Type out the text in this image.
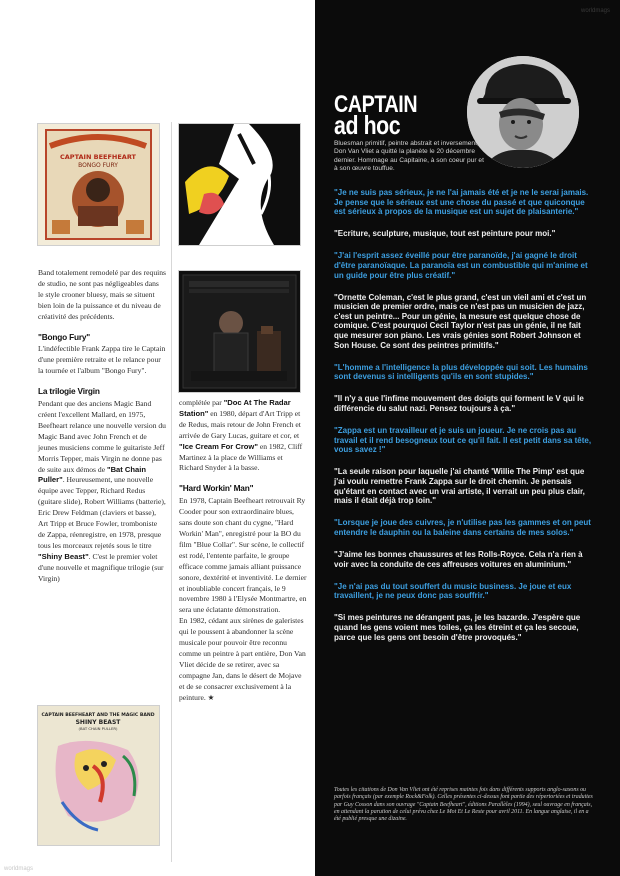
CAPTAIN BEEFHEART
BONGO FURY
CAPTAIN BEEFHEART AND THE MAGIC BAND
SHINY BEAST
(BAT CHAIN PULLER)

Band totalement remodelé par des requins de studio, ne sont pas négligeables dans le style crooner bluesy, mais se situent bien loin de la puissance et du niveau de créativité des précédents.

"Bongo Fury"

L'indéfectible Frank Zappa tire le Captain d'une première retraite et le relance pour la tournée et l'album "Bongo Fury".

La trilogie Virgin

Pendant que des anciens Magic Band créent l'excellent Mallard, en 1975, Beefheart relance une nouvelle version du Magic Band avec John French et de jeunes musiciens comme le guitariste Jeff Morris Tepper, mais Virgin ne donne pas de suite aux démos de "Bat Chain Puller". Heureusement, une nouvelle équipe avec Tepper, Richard Redus (guitare slide), Robert Williams (batterie), Eric Drew Feldman (claviers et basse), Art Tripp et Bruce Fowler, tromboniste de Zappa, réenregistre, en 1978, presque tous les morceaux rejetés sous le titre "Shiny Beast". C'est le premier volet d'une nouvelle et magnifique trilogie (sur Virgin)

complétée par "Doc At The Radar Station" en 1980, départ d'Art Tripp et de Redus, mais retour de John French et arrivée de Gary Lucas, guitare et cor, et "Ice Cream For Crow" en 1982, Cliff Martinez à la place de Williams et Richard Snyder à la basse.

"Hard Workin' Man"

En 1978, Captain Beefheart retrouvait Ry Cooder pour son extraordinaire blues, sans doute son chant du cygne, "Hard Workin' Man", enregistré pour la BO du film "Blue Collar". Sur scène, le collectif est rodé, l'entente parfaite, le groupe efficace comme jamais alliant puissance sonore, dextérité et inventivité. Le dernier et inoubliable concert français, le 9 novembre 1980 à l'Elysée Montmartre, en sera une éclatante démonstration.

En 1982, cédant aux sirènes de galeristes qui le poussent à abandonner la scène musicale pour pouvoir être reconnu comme un peintre à part entière, Don Van Vliet décide de se retirer, avec sa compagne Jan, dans le désert de Mojave et de se consacrer exclusivement à la peinture. ★

worldmags
worldmags
CAPTAIN
ad hoc
Bluesman primitif, peintre abstrait et inversement, Don Van Vliet a quitté la planète le 20 décembre dernier. Hommage au Capitaine, à son coeur pur et à son œuvre touffue.

"Je ne suis pas sérieux, je ne l'ai jamais été et je ne le serai jamais. Je pense que le sérieux est une chose du passé et que quiconque est sérieux à propos de la musique est un sujet de plaisanterie."

"Ecriture, sculpture, musique, tout est peinture pour moi."

"J'ai l'esprit assez éveillé pour être paranoïde, j'ai gagné le droit d'être paranoïaque. La paranoïa est un combustible qui m'anime et un guide pour être plus créatif."

"Ornette Coleman, c'est le plus grand, c'est un vieil ami et c'est un musicien de premier ordre, mais ce n'est pas un musicien de jazz, c'est un peintre... Pour un génie, la mesure est quelque chose de comique. C'est pourquoi Cecil Taylor n'est pas un génie, il ne fait que mesurer son piano. Les vrais génies sont Robert Johnson et Son House. Ce sont des peintres primitifs."

"L'homme a l'intelligence la plus développée qui soit. Les humains sont devenus si intelligents qu'ils en sont stupides."

"Il n'y a que l'infime mouvement des doigts qui forment le V qui le différencie du salut nazi. Pensez toujours à ça."

"Zappa est un travailleur et je suis un joueur. Je ne crois pas au travail et il rend besogneux tout ce qu'il fait. Il est petit dans sa tête, vous savez !"

"La seule raison pour laquelle j'ai chanté 'Willie The Pimp' est que j'ai voulu remettre Frank Zappa sur le droit chemin. Je pensais qu'étant en contact avec un vrai artiste, il verrait un peu plus clair, mais il était déjà trop loin."

"Lorsque je joue des cuivres, je n'utilise pas les gammes et on peut entendre le dauphin ou la baleine dans certains de mes solos."

"J'aime les bonnes chaussures et les Rolls-Royce. Cela n'a rien à voir avec la conduite de ces affreuses voitures en aluminium."

"Je n'ai pas du tout souffert du music business. Je joue et eux travaillent, je ne peux donc pas souffrir."

"Si mes peintures ne dérangent pas, je les bazarde. J'espère que quand les gens voient mes toiles, ça les étreint et ça les secoue, parce que les gens ont besoin d'être provoqués."

Toutes les citations de Don Van Vliet ont été reprises maintes fois dans différents supports anglo-saxons ou parfois français (par exemple Rock&Folk). Celles présentes ci-dessus font partie des répertoriées et traduites par Guy Cosson dans son ouvrage "Captain Beefheart", éditions Parallèles (1994), seul ouvrage en français, en attendant la parution de celui prévu chez Le Mot Et Le Reste pour avril 2011. En langue anglaise, il en a été publié presque une dizaine.
